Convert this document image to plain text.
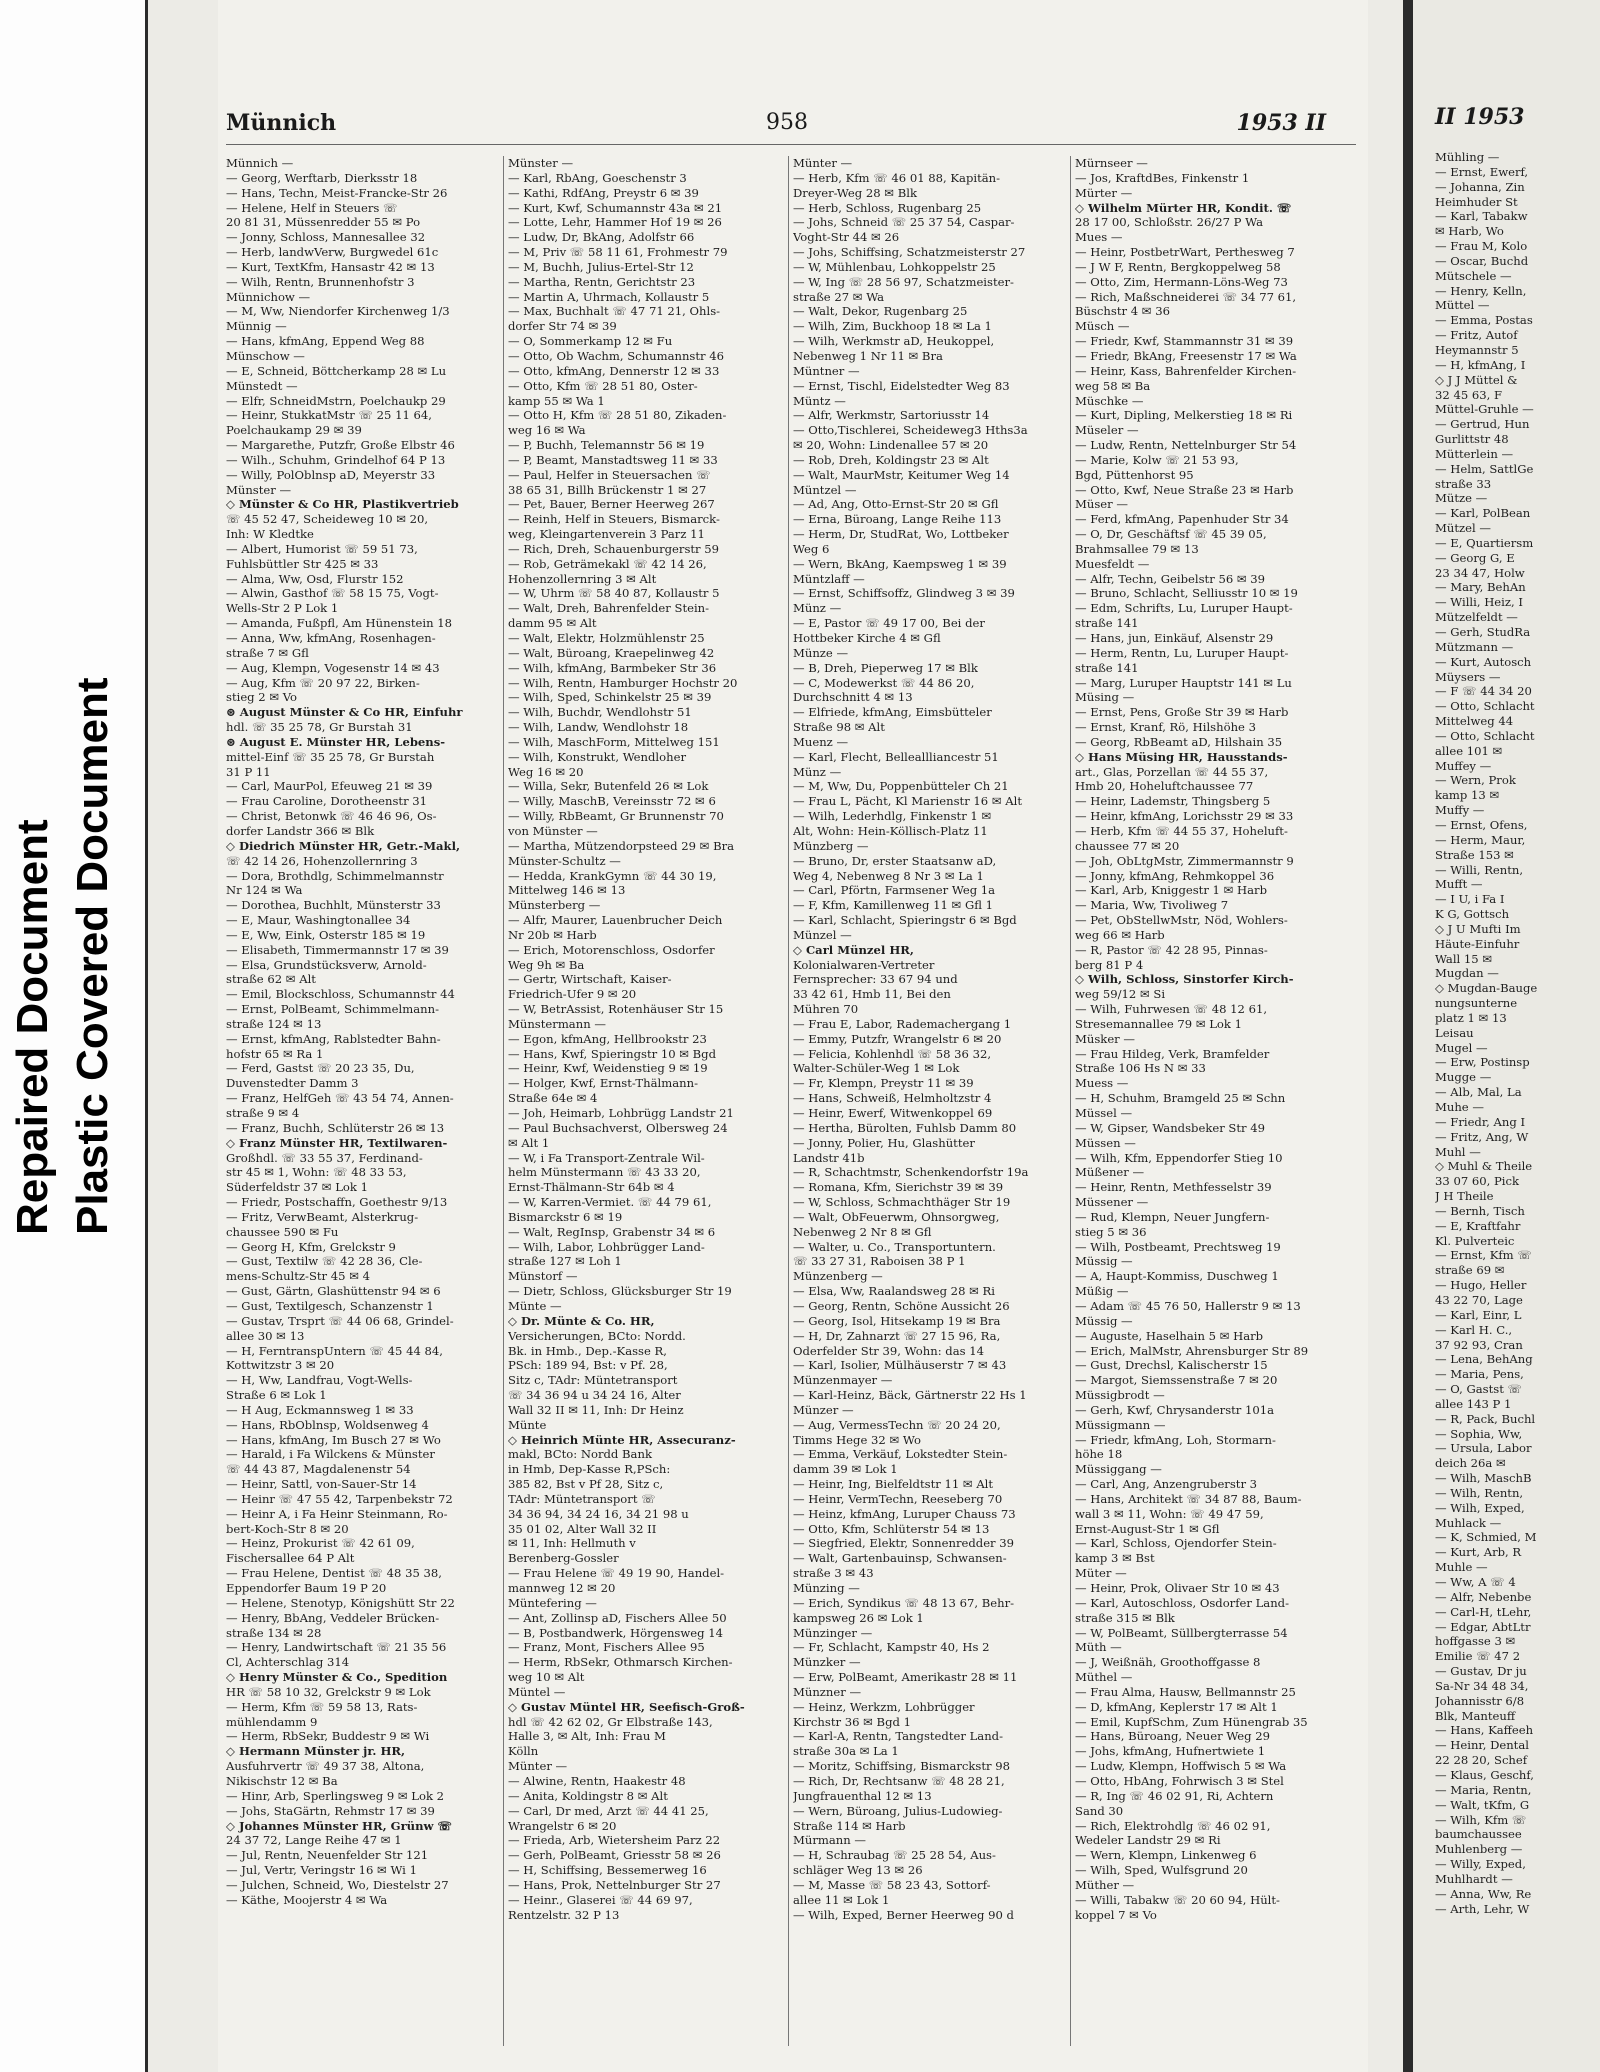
Repaired Document Plastic Covered Document
Münnich	958	1953 II
Münnich —
— Georg, Werftarb, Dierksstr 18
— Hans, Techn, Meist-Francke-Str 26
— Helene, Helf in Steuers ☏
20 81 31, Müssenredder 55 ✉ Po
— Jonny, Schloss, Mannesallee 32
— Herb, landwVerw, Burgwedel 61c
— Kurt, TextKfm, Hansastr 42 ✉ 13
— Wilh, Rentn, Brunnenhofstr 3
Münnichow —
— M, Ww, Niendorfer Kirchenweg 1/3
Münnig —
— Hans, kfmAng, Eppend Weg 88
Münschow —
— E, Schneid, Böttcherkamp 28 ✉ Lu
Münstedt —
— Elfr, SchneidMstrn, Poelchaukp 29
— Heinr, StukkatMstr ☏ 25 11 64,
Poelchaukamp 29 ✉ 39
— Margarethe, Putzfr, Große Elbstr 46
— Wilh., Schuhm, Grindelhof 64 P 13
— Willy, PolOblnsp aD, Meyerstr 33
Münster —
◇ Münster & Co HR, Plastikvertrieb
☏ 45 52 47, Scheideweg 10 ✉ 20,
Inh: W Kledtke
— Albert, Humorist ☏ 59 51 73,
Fuhlsbüttler Str 425 ✉ 33
— Alma, Ww, Osd, Flurstr 152
— Alwin, Gasthof ☏ 58 15 75, Vogt-
Wells-Str 2 P Lok 1
— Amanda, Fußpfl, Am Hünenstein 18
— Anna, Ww, kfmAng, Rosenhagen-
straße 7 ✉ Gfl
— Aug, Klempn, Vogesenstr 14 ✉ 43
— Aug, Kfm ☏ 20 97 22, Birken-
stieg 2 ✉ Vo
⊛ August Münster & Co HR, Einfuhr
hdl. ☏ 35 25 78, Gr Burstah 31
⊛ August E. Münster HR, Lebens-
mittel-Einf ☏ 35 25 78, Gr Burstah
31 P 11
— Carl, MaurPol, Efeuweg 21 ✉ 39
— Frau Caroline, Dorotheenstr 31
— Christ, Betonwk ☏ 46 46 96, Os-
dorfer Landstr 366 ✉ Blk
◇ Diedrich Münster HR, Getr.-Makl,
☏ 42 14 26, Hohenzollernring 3
— Dora, Brothdlg, Schimmelmannstr
Nr 124 ✉ Wa
— Dorothea, Buchhlt, Münsterstr 33
— E, Maur, Washingtonallee 34
— E, Ww, Eink, Osterstr 185 ✉ 19
— Elisabeth, Timmermannstr 17 ✉ 39
— Elsa, Grundstücksverw, Arnold-
straße 62 ✉ Alt
— Emil, Blockschloss, Schumannstr 44
— Ernst, PolBeamt, Schimmelmann-
straße 124 ✉ 13
— Ernst, kfmAng, Rablstedter Bahn-
hofstr 65 ✉ Ra 1
— Ferd, Gastst ☏ 20 23 35, Du,
Duvenstedter Damm 3
— Franz, HelfGeh ☏ 43 54 74, Annen-
straße 9 ✉ 4
— Franz, Buchh, Schlüterstr 26 ✉ 13
◇ Franz Münster HR, Textilwaren-
Großhdl. ☏ 33 55 37, Ferdinand-
str 45 ✉ 1, Wohn: ☏ 48 33 53,
Süderfeldstr 37 ✉ Lok 1
— Friedr, Postschaffn, Goethestr 9/13
— Fritz, VerwBeamt, Alsterkrug-
chaussee 590 ✉ Fu
— Georg H, Kfm, Grelckstr 9
— Gust, Textilw ☏ 42 28 36, Cle-
mens-Schultz-Str 45 ✉ 4
— Gust, Gärtn, Glashüttenstr 94 ✉ 6
— Gust, Textilgesch, Schanzenstr 1
— Gustav, Trsprt ☏ 44 06 68, Grindel-
allee 30 ✉ 13
— H, FerntranspUntern ☏ 45 44 84,
Kottwitzstr 3 ✉ 20
— H, Ww, Landfrau, Vogt-Wells-
Straße 6 ✉ Lok 1
— H Aug, Eckmannsweg 1 ✉ 33
— Hans, RbOblnsp, Woldsenweg 4
— Hans, kfmAng, Im Busch 27 ✉ Wo
— Harald, i Fa Wilckens & Münster
☏ 44 43 87, Magdalenenstr 54
— Heinr, Sattl, von-Sauer-Str 14
— Heinr ☏ 47 55 42, Tarpenbekstr 72
— Heinr A, i Fa Heinr Steinmann, Ro-
bert-Koch-Str 8 ✉ 20
— Heinz, Prokurist ☏ 42 61 09,
Fischersallee 64 P Alt
— Frau Helene, Dentist ☏ 48 35 38,
Eppendorfer Baum 19 P 20
— Helene, Stenotyp, Königshütt Str 22
— Henry, BbAng, Veddeler Brücken-
straße 134 ✉ 28
— Henry, Landwirtschaft ☏ 21 35 56
Cl, Achterschlag 314
◇ Henry Münster & Co., Spedition
HR ☏ 58 10 32, Grelckstr 9 ✉ Lok
— Herm, Kfm ☏ 59 58 13, Rats-
mühlendamm 9
— Herm, RbSekr, Buddestr 9 ✉ Wi
◇ Hermann Münster jr. HR,
Ausfuhrvertr ☏ 49 37 38, Altona,
Nikischstr 12 ✉ Ba
— Hinr, Arb, Sperlingsweg 9 ✉ Lok 2
— Johs, StaGärtn, Rehmstr 17 ✉ 39
◇ Johannes Münster HR, Grünw ☏
24 37 72, Lange Reihe 47 ✉ 1
— Jul, Rentn, Neuenfelder Str 121
— Jul, Vertr, Veringstr 16 ✉ Wi 1
— Julchen, Schneid, Wo, Diestelstr 27
— Käthe, Moojerstr 4 ✉ Wa
Münster —
— Karl, RbAng, Goeschenstr 3
— Kathi, RdfAng, Preystr 6 ✉ 39
— Kurt, Kwf, Schumannstr 43a ✉ 21
— Lotte, Lehr, Hammer Hof 19 ✉ 26
— Ludw, Dr, BkAng, Adolfstr 66
— M, Priv ☏ 58 11 61, Frohmestr 79
— M, Buchh, Julius-Ertel-Str 12
— Martha, Rentn, Gerichtstr 23
— Martin A, Uhrmach, Kollaustr 5
— Max, Buchhalt ☏ 47 71 21, Ohls-
dorfer Str 74 ✉ 39
— O, Sommerkamp 12 ✉ Fu
— Otto, Ob Wachm, Schumannstr 46
— Otto, kfmAng, Dennerstr 12 ✉ 33
— Otto, Kfm ☏ 28 51 80, Oster-
kamp 55 ✉ Wa 1
— Otto H, Kfm ☏ 28 51 80, Zikaden-
weg 16 ✉ Wa
— P, Buchh, Telemannstr 56 ✉ 19
— P, Beamt, Manstadtsweg 11 ✉ 33
— Paul, Helfer in Steuersachen ☏
38 65 31, Billh Brückenstr 1 ✉ 27
— Pet, Bauer, Berner Heerweg 267
— Reinh, Helf in Steuers, Bismarck-
weg, Kleingartenverein 3 Parz 11
— Rich, Dreh, Schauenburgerstr 59
— Rob, Geträmekakl ☏ 42 14 26,
Hohenzollernring 3 ✉ Alt
— W, Uhrm ☏ 58 40 87, Kollaustr 5
— Walt, Dreh, Bahrenfelder Stein-
damm 95 ✉ Alt
— Walt, Elektr, Holzmühlenstr 25
— Walt, Büroang, Kraepelinweg 42
— Wilh, kfmAng, Barmbeker Str 36
— Wilh, Rentn, Hamburger Hochstr 20
— Wilh, Sped, Schinkelstr 25 ✉ 39
— Wilh, Buchdr, Wendlohstr 51
— Wilh, Landw, Wendlohstr 18
— Wilh, MaschForm, Mittelweg 151
— Wilh, Konstrukt, Wendloher
Weg 16 ✉ 20
— Willa, Sekr, Butenfeld 26 ✉ Lok
— Willy, MaschB, Vereinsstr 72 ✉ 6
— Willy, RbBeamt, Gr Brunnenstr 70
von Münster —
— Martha, Mützendorpsteed 29 ✉ Bra
Münster-Schultz —
— Hedda, KrankGymn ☏ 44 30 19,
Mittelweg 146 ✉ 13
Münsterberg —
— Alfr, Maurer, Lauenbrucher Deich
Nr 20b ✉ Harb
— Erich, Motorenschloss, Osdorfer
Weg 9h ✉ Ba
— Gertr, Wirtschaft, Kaiser-
Friedrich-Ufer 9 ✉ 20
— W, BetrAssist, Rotenhäuser Str 15
Münstermann —
— Egon, kfmAng, Hellbrookstr 23
— Hans, Kwf, Spieringstr 10 ✉ Bgd
— Heinr, Kwf, Weidenstieg 9 ✉ 19
— Holger, Kwf, Ernst-Thälmann-
Straße 64e ✉ 4
— Joh, Heimarb, Lohbrügg Landstr 21
— Paul Buchsachverst, Olbersweg 24
✉ Alt 1
— W, i Fa Transport-Zentrale Wil-
helm Münstermann ☏ 43 33 20,
Ernst-Thälmann-Str 64b ✉ 4
— W, Karren-Vermiet. ☏ 44 79 61,
Bismarckstr 6 ✉ 19
— Walt, RegInsp, Grabenstr 34 ✉ 6
— Wilh, Labor, Lohbrügger Land-
straße 127 ✉ Loh 1
Münstorf —
— Dietr, Schloss, Glücksburger Str 19
Münte —
◇ Dr. Münte & Co. HR,
Versicherungen, BCto: Nordd.
Bk. in Hmb., Dep.-Kasse R,
PSch: 189 94, Bst: v Pf. 28,
Sitz c, TAdr: Müntetransport
☏ 34 36 94 u 34 24 16, Alter
Wall 32 II ✉ 11, Inh: Dr Heinz
Münte
◇ Heinrich Münte HR, Assecuranz-
makl, BCto: Nordd Bank
in Hmb, Dep-Kasse R,PSch:
385 82, Bst v Pf 28, Sitz c,
TAdr: Müntetransport ☏
34 36 94, 34 24 16, 34 21 98 u
35 01 02, Alter Wall 32 II
✉ 11, Inh: Hellmuth v
Berenberg-Gossler
— Frau Helene ☏ 49 19 90, Handel-
mannweg 12 ✉ 20
Müntefering —
— Ant, Zollinsp aD, Fischers Allee 50
— B, Postbandwerk, Hörgensweg 14
— Franz, Mont, Fischers Allee 95
— Herm, RbSekr, Othmarsch Kirchen-
weg 10 ✉ Alt
Müntel —
◇ Gustav Müntel HR, Seefisch-Groß-
hdl ☏ 42 62 02, Gr Elbstraße 143,
Halle 3, ✉ Alt, Inh: Frau M
Kölln
Münter —
— Alwine, Rentn, Haakestr 48
— Anita, Koldingstr 8 ✉ Alt
— Carl, Dr med, Arzt ☏ 44 41 25,
Wrangelstr 6 ✉ 20
— Frieda, Arb, Wietersheim Parz 22
— Gerh, PolBeamt, Griesstr 58 ✉ 26
— H, Schiffsing, Bessemerweg 16
— Hans, Prok, Nettelnburger Str 27
— Heinr., Glaserei ☏ 44 69 97,
Rentzelstr. 32 P 13
Münter —
— Herb, Kfm ☏ 46 01 88, Kapitän-
Dreyer-Weg 28 ✉ Blk
— Herb, Schloss, Rugenbarg 25
— Johs, Schneid ☏ 25 37 54, Caspar-
Voght-Str 44 ✉ 26
— Johs, Schiffsing, Schatzmeisterstr 27
— W, Mühlenbau, Lohkoppelstr 25
— W, Ing ☏ 28 56 97, Schatzmeister-
straße 27 ✉ Wa
— Walt, Dekor, Rugenbarg 25
— Wilh, Zim, Buckhoop 18 ✉ La 1
— Wilh, Werkmstr aD, Heukoppel,
Nebenweg 1 Nr 11 ✉ Bra
Müntner —
— Ernst, Tischl, Eidelstedter Weg 83
Müntz —
— Alfr, Werkmstr, Sartoriusstr 14
— Otto,Tischlerei, Scheideweg3 Hths3a
✉ 20, Wohn: Lindenallee 57 ✉ 20
— Rob, Dreh, Koldingstr 23 ✉ Alt
— Walt, MaurMstr, Keitumer Weg 14
Müntzel —
— Ad, Ang, Otto-Ernst-Str 20 ✉ Gfl
— Erna, Büroang, Lange Reihe 113
— Herm, Dr, StudRat, Wo, Lottbeker
Weg 6
— Wern, BkAng, Kaempsweg 1 ✉ 39
Müntzlaff —
— Ernst, Schiffsoffz, Glindweg 3 ✉ 39
Münz —
— E, Pastor ☏ 49 17 00, Bei der
Hottbeker Kirche 4 ✉ Gfl
Münze —
— B, Dreh, Pieperweg 17 ✉ Blk
— C, Modewerkst ☏ 44 86 20,
Durchschnitt 4 ✉ 13
— Elfriede, kfmAng, Eimsbütteler
Straße 98 ✉ Alt
Muenz —
— Karl, Flecht, Belleallliancestr 51
Münz —
— M, Ww, Du, Poppenbütteler Ch 21
— Frau L, Pächt, Kl Marienstr 16 ✉ Alt
— Wilh, Lederhdlg, Finkenstr 1 ✉
Alt, Wohn: Hein-Köllisch-Platz 11
Münzberg —
— Bruno, Dr, erster Staatsanw aD,
Weg 4, Nebenweg 8 Nr 3 ✉ La 1
— Carl, Pförtn, Farmsener Weg 1a
— F, Kfm, Kamillenweg 11 ✉ Gfl 1
— Karl, Schlacht, Spieringstr 6 ✉ Bgd
Münzel —
◇ Carl Münzel HR,
Kolonialwaren-Vertreter
Fernsprecher: 33 67 94 und
33 42 61, Hmb 11, Bei den
Mühren 70
— Frau E, Labor, Rademachergang 1
— Emmy, Putzfr, Wrangelstr 6 ✉ 20
— Felicia, Kohlenhdl ☏ 58 36 32,
Walter-Schüler-Weg 1 ✉ Lok
— Fr, Klempn, Preystr 11 ✉ 39
— Hans, Schweiß, Helmholtzstr 4
— Heinr, Ewerf, Witwenkoppel 69
— Hertha, Bürolten, Fuhlsb Damm 80
— Jonny, Polier, Hu, Glashütter
Landstr 41b
— R, Schachtmstr, Schenkendorfstr 19a
— Romana, Kfm, Sierichstr 39 ✉ 39
— W, Schloss, Schmachthäger Str 19
— Walt, ObFeuerwm, Ohnsorgweg,
Nebenweg 2 Nr 8 ✉ Gfl
— Walter, u. Co., Transportuntern.
☏ 33 27 31, Raboisen 38 P 1
Münzenberg —
— Elsa, Ww, Raalandsweg 28 ✉ Ri
— Georg, Rentn, Schöne Aussicht 26
— Georg, Isol, Hitsekamp 19 ✉ Bra
— H, Dr, Zahnarzt ☏ 27 15 96, Ra,
Oderfelder Str 39, Wohn: das 14
— Karl, Isolier, Mülhäuserstr 7 ✉ 43
Münzenmayer —
— Karl-Heinz, Bäck, Gärtnerstr 22 Hs 1
Münzer —
— Aug, VermessTechn ☏ 20 24 20,
Timms Hege 32 ✉ Wo
— Emma, Verkäuf, Lokstedter Stein-
damm 39 ✉ Lok 1
— Heinr, Ing, Bielfeldtstr 11 ✉ Alt
— Heinr, VermTechn, Reeseberg 70
— Heinz, kfmAng, Luruper Chauss 73
— Otto, Kfm, Schlüterstr 54 ✉ 13
— Siegfried, Elektr, Sonnenredder 39
— Walt, Gartenbauinsp, Schwansen-
straße 3 ✉ 43
Münzing —
— Erich, Syndikus ☏ 48 13 67, Behr-
kampsweg 26 ✉ Lok 1
Münzinger —
— Fr, Schlacht, Kampstr 40, Hs 2
Münzker —
— Erw, PolBeamt, Amerikastr 28 ✉ 11
Münzner —
— Heinz, Werkzm, Lohbrügger
Kirchstr 36 ✉ Bgd 1
— Karl-A, Rentn, Tangstedter Land-
straße 30a ✉ La 1
— Moritz, Schiffsing, Bismarckstr 98
— Rich, Dr, Rechtsanw ☏ 48 28 21,
Jungfrauenthal 12 ✉ 13
— Wern, Büroang, Julius-Ludowieg-
Straße 114 ✉ Harb
Mürmann —
— H, Schraubag ☏ 25 28 54, Aus-
schläger Weg 13 ✉ 26
— M, Masse ☏ 58 23 43, Sottorf-
allee 11 ✉ Lok 1
— Wilh, Exped, Berner Heerweg 90 d
Mürnseer —
— Jos, KraftdBes, Finkenstr 1
Mürter —
◇ Wilhelm Mürter HR, Kondit. ☏
28 17 00, Schloßstr. 26/27 P Wa
Mues —
— Heinr, PostbetrWart, Perthesweg 7
— J W F, Rentn, Bergkoppelweg 58
— Otto, Zim, Hermann-Löns-Weg 73
— Rich, Maßschneiderei ☏ 34 77 61,
Büschstr 4 ✉ 36
Müsch —
— Friedr, Kwf, Stammannstr 31 ✉ 39
— Friedr, BkAng, Freesenstr 17 ✉ Wa
— Heinr, Kass, Bahrenfelder Kirchen-
weg 58 ✉ Ba
Müschke —
— Kurt, Dipling, Melkerstieg 18 ✉ Ri
Müseler —
— Ludw, Rentn, Nettelnburger Str 54
— Marie, Kolw ☏ 21 53 93,
Bgd, Püttenhorst 95
— Otto, Kwf, Neue Straße 23 ✉ Harb
Müser —
— Ferd, kfmAng, Papenhuder Str 34
— O, Dr, Geschäftsf ☏ 45 39 05,
Brahmsallee 79 ✉ 13
Muesfeldt —
— Alfr, Techn, Geibelstr 56 ✉ 39
— Bruno, Schlacht, Selliusstr 10 ✉ 19
— Edm, Schrifts, Lu, Luruper Haupt-
straße 141
— Hans, jun, Einkäuf, Alsenstr 29
— Herm, Rentn, Lu, Luruper Haupt-
straße 141
— Marg, Luruper Hauptstr 141 ✉ Lu
Müsing —
— Ernst, Pens, Große Str 39 ✉ Harb
— Ernst, Kranf, Rö, Hilshöhe 3
— Georg, RbBeamt aD, Hilshain 35
◇ Hans Müsing HR, Hausstands-
art., Glas, Porzellan ☏ 44 55 37,
Hmb 20, Hoheluftchaussee 77
— Heinr, Lademstr, Thingsberg 5
— Heinr, kfmAng, Lorichsstr 29 ✉ 33
— Herb, Kfm ☏ 44 55 37, Hoheluft-
chaussee 77 ✉ 20
— Joh, ObLtgMstr, Zimmermannstr 9
— Jonny, kfmAng, Rehmkoppel 36
— Karl, Arb, Kniggestr 1 ✉ Harb
— Maria, Ww, Tivoliweg 7
— Pet, ObStellwMstr, Nöd, Wohlers-
weg 66 ✉ Harb
— R, Pastor ☏ 42 28 95, Pinnas-
berg 81 P 4
◇ Wilh, Schloss, Sinstorfer Kirch-
weg 59/12 ✉ Si
— Wilh, Fuhrwesen ☏ 48 12 61,
Stresemannallee 79 ✉ Lok 1
Müsker —
— Frau Hildeg, Verk, Bramfelder
Straße 106 Hs N ✉ 33
Muess —
— H, Schuhm, Bramgeld 25 ✉ Schn
Müssel —
— W, Gipser, Wandsbeker Str 49
Müssen —
— Wilh, Kfm, Eppendorfer Stieg 10
Müßener —
— Heinr, Rentn, Methfesselstr 39
Müssener —
— Rud, Klempn, Neuer Jungfern-
stieg 5 ✉ 36
— Wilh, Postbeamt, Prechtsweg 19
Müssig —
— A, Haupt-Kommiss, Duschweg 1
Müßig —
— Adam ☏ 45 76 50, Hallerstr 9 ✉ 13
Müssig —
— Auguste, Haselhain 5 ✉ Harb
— Erich, MalMstr, Ahrensburger Str 89
— Gust, Drechsl, Kalischerstr 15
— Margot, Siemssenstraße 7 ✉ 20
Müssigbrodt —
— Gerh, Kwf, Chrysanderstr 101a
Müssigmann —
— Friedr, kfmAng, Loh, Stormarn-
höhe 18
Müssiggang —
— Carl, Ang, Anzengruberstr 3
— Hans, Architekt ☏ 34 87 88, Baum-
wall 3 ✉ 11, Wohn: ☏ 49 47 59,
Ernst-August-Str 1 ✉ Gfl
— Karl, Schloss, Ojendorfer Stein-
kamp 3 ✉ Bst
Müter —
— Heinr, Prok, Olivaer Str 10 ✉ 43
— Karl, Autoschloss, Osdorfer Land-
straße 315 ✉ Blk
— W, PolBeamt, Süllbergterrasse 54
Müth —
— J, Weißnäh, Groothoffgasse 8
Müthel —
— Frau Alma, Hausw, Bellmannstr 25
— D, kfmAng, Keplerstr 17 ✉ Alt 1
— Emil, KupfSchm, Zum Hünengrab 35
— Hans, Büroang, Neuer Weg 29
— Johs, kfmAng, Hufnertwiete 1
— Ludw, Klempn, Hoffwisch 5 ✉ Wa
— Otto, HbAng, Fohrwisch 3 ✉ Stel
— R, Ing ☏ 46 02 91, Ri, Achtern
Sand 30
— Rich, Elektrohdlg ☏ 46 02 91,
Wedeler Landstr 29 ✉ Ri
— Wern, Klempn, Linkenweg 6
— Wilh, Sped, Wulfsgrund 20
Müther —
— Willi, Tabakw ☏ 20 60 94, Hült-
koppel 7 ✉ Vo
II 1953
Mühling —
— Ernst, Ewerf,
— Johanna, Zin
Heimhuder St
— Karl, Tabakw
✉ Harb, Wo
— Frau M, Kolo
— Oscar, Buchd
Mütschele —
— Henry, Kelln,
Müttel —
— Emma, Postas
— Fritz, Autof
Heymannstr 5
— H, kfmAng, I
◇ J J Müttel &
32 45 63, F
Müttel-Gruhle —
— Gertrud, Hun
Gurlittstr 48
Mütterlein —
— Helm, SattlGe
straße 33
Mütze —
— Karl, PolBean
Mützel —
— E, Quartiersm
— Georg G, E
23 34 47, Holw
— Mary, BehAn
— Willi, Heiz, I
Mützelfeldt —
— Gerh, StudRa
Mützmann —
— Kurt, Autosch
Müysers —
— F ☏ 44 34 20
— Otto, Schlacht
Mittelweg 44
— Otto, Schlacht
allee 101 ✉
Muffey —
— Wern, Prok
kamp 13 ✉
Muffy —
— Ernst, Ofens,
— Herm, Maur,
Straße 153 ✉
— Willi, Rentn,
Mufft —
— I U, i Fa I
K G, Gottsch
◇ J U Mufti Im
Häute-Einfuhr
Wall 15 ✉
Mugdan —
◇ Mugdan-Bauge
nungsunterne
platz 1 ✉ 13
Leisau
Mugel —
— Erw, Postinsp
Mugge —
— Alb, Mal, La
Muhe —
— Friedr, Ang I
— Fritz, Ang, W
Muhl —
◇ Muhl & Theile
33 07 60, Pick
J H Theile
— Bernh, Tisch
— E, Kraftfahr
Kl. Pulverteic
— Ernst, Kfm ☏
straße 69 ✉
— Hugo, Heller
43 22 70, Lage
— Karl, Einr, L
— Karl H. C.,
37 92 93, Cran
— Lena, BehAng
— Maria, Pens,
— O, Gastst ☏
allee 143 P 1
— R, Pack, Buchl
— Sophia, Ww,
— Ursula, Labor
deich 26a ✉
— Wilh, MaschB
— Wilh, Rentn,
— Wilh, Exped,
Muhlack —
— K, Schmied, M
— Kurt, Arb, R
Muhle —
— Ww, A ☏ 4
— Alfr, Nebenbe
— Carl-H, tLehr,
— Edgar, AbtLtr
hoffgasse 3 ✉
Emilie ☏ 47 2
— Gustav, Dr ju
Sa-Nr 34 48 34,
Johannisstr 6/8
Blk, Manteuff
— Hans, Kaffeeh
— Heinr, Dental
22 28 20, Schef
— Klaus, Geschf,
— Maria, Rentn,
— Walt, tKfm, G
— Wilh, Kfm ☏
baumchaussee
Muhlenberg —
— Willy, Exped,
Muhlhardt —
— Anna, Ww, Re
— Arth, Lehr, W
